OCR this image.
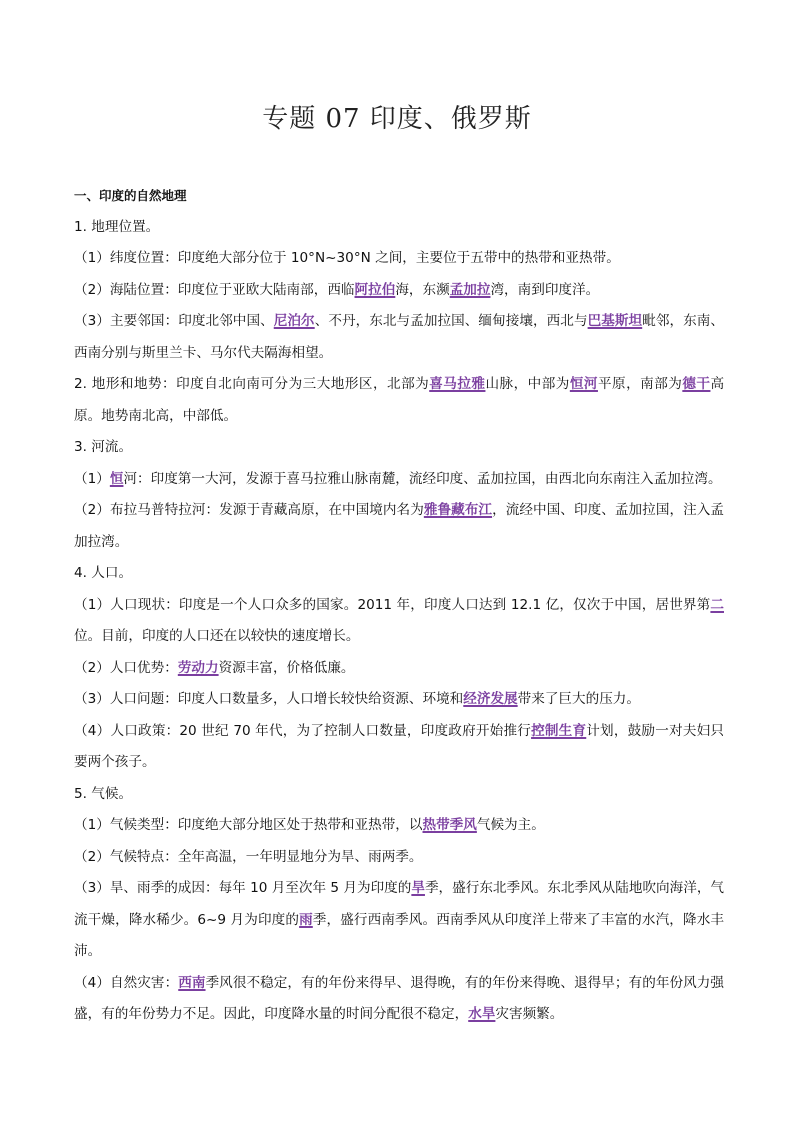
专题 07 印度、俄罗斯

一、印度的自然地理

1. 地理位置。

（1）纬度位置：印度绝大部分位于 10°N~30°N 之间，主要位于五带中的热带和亚热带。

（2）海陆位置：印度位于亚欧大陆南部，西临阿拉伯海，东濒孟加拉湾，南到印度洋。

（3）主要邻国：印度北邻中国、尼泊尔、不丹，东北与孟加拉国、缅甸接壤，西北与巴基斯坦毗邻，东南、西南分别与斯里兰卡、马尔代夫隔海相望。

2. 地形和地势：印度自北向南可分为三大地形区，北部为喜马拉雅山脉，中部为恒河平原，南部为德干高原。地势南北高，中部低。

3. 河流。

（1）恒河：印度第一大河，发源于喜马拉雅山脉南麓，流经印度、孟加拉国，由西北向东南注入孟加拉湾。

（2）布拉马普特拉河：发源于青藏高原，在中国境内名为雅鲁藏布江，流经中国、印度、孟加拉国，注入孟加拉湾。

4. 人口。

（1）人口现状：印度是一个人口众多的国家。2011 年，印度人口达到 12.1 亿，仅次于中国，居世界第二位。目前，印度的人口还在以较快的速度增长。

（2）人口优势：劳动力资源丰富，价格低廉。

（3）人口问题：印度人口数量多，人口增长较快给资源、环境和经济发展带来了巨大的压力。

（4）人口政策：20 世纪 70 年代，为了控制人口数量，印度政府开始推行控制生育计划，鼓励一对夫妇只要两个孩子。

5. 气候。

（1）气候类型：印度绝大部分地区处于热带和亚热带，以热带季风气候为主。

（2）气候特点：全年高温，一年明显地分为旱、雨两季。

（3）旱、雨季的成因：每年 10 月至次年 5 月为印度的旱季，盛行东北季风。东北季风从陆地吹向海洋，气流干燥，降水稀少。6~9 月为印度的雨季，盛行西南季风。西南季风从印度洋上带来了丰富的水汽，降水丰沛。

（4）自然灾害：西南季风很不稳定，有的年份来得早、退得晚，有的年份来得晚、退得早；有的年份风力强盛，有的年份势力不足。因此，印度降水量的时间分配很不稳定，水旱灾害频繁。
